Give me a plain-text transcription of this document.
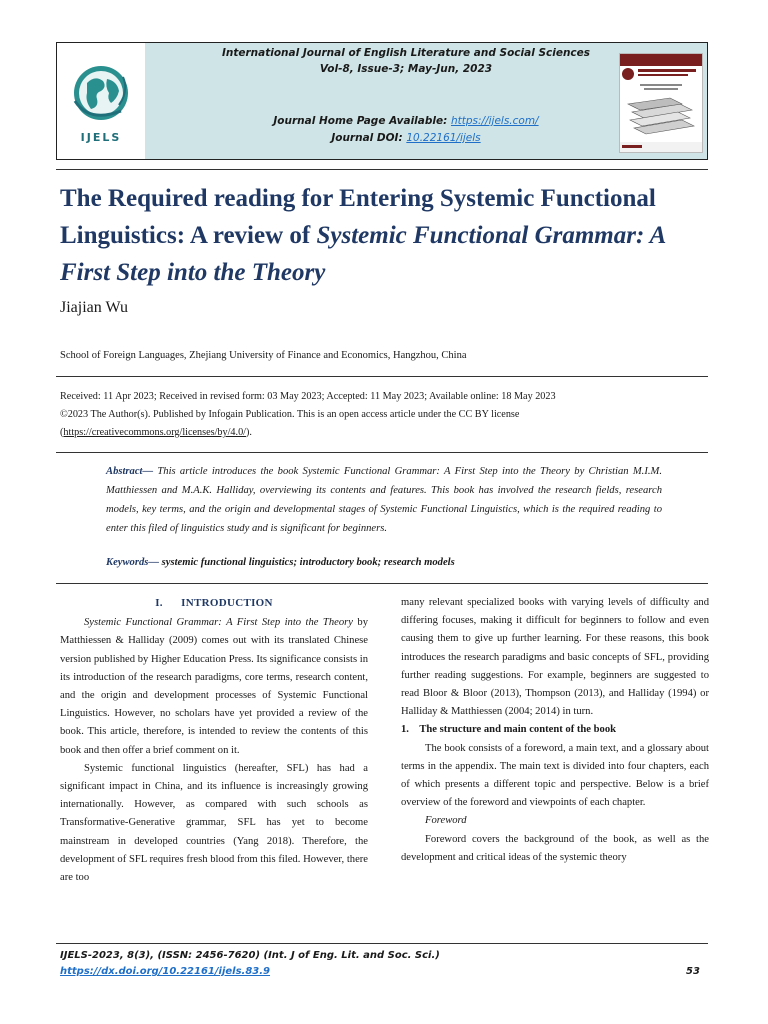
IJELS
International Journal of English Literature and Social Sciences
Vol-8, Issue-3; May-Jun, 2023
Journal Home Page Available: https://ijels.com/
Journal DOI: 10.22161/ijels
The Required reading for Entering Systemic Functional Linguistics: A review of Systemic Functional Grammar: A First Step into the Theory
Jiajian Wu
School of Foreign Languages, Zhejiang University of Finance and Economics, Hangzhou, China
Received: 11 Apr 2023; Received in revised form: 03 May 2023; Accepted: 11 May 2023; Available online: 18 May 2023
©2023 The Author(s). Published by Infogain Publication. This is an open access article under the CC BY license
(https://creativecommons.org/licenses/by/4.0/).
Abstract— This article introduces the book Systemic Functional Grammar: A First Step into the Theory by Christian M.I.M. Matthiessen and M.A.K. Halliday, overviewing its contents and features. This book has involved the research fields, research models, key terms, and the origin and developmental stages of Systemic Functional Linguistics, which is the required reading to enter this filed of linguistics study and is significant for beginners.
Keywords— systemic functional linguistics; introductory book; research models
I.      INTRODUCTION

Systemic Functional Grammar: A First Step into the Theory by Matthiessen & Halliday (2009) comes out with its translated Chinese version published by Higher Education Press. Its significance consists in its introduction of the research paradigms, core terms, research content, and the origin and development processes of Systemic Functional Linguistics. However, no scholars have yet provided a review of the book. This article, therefore, is intended to review the contents of this book and then offer a brief comment on it.

Systemic functional linguistics (hereafter, SFL) has had a significant impact in China, and its influence is increasingly growing internationally. However, as compared with such schools as Transformative-Generative grammar, SFL has yet to become mainstream in developed countries (Yang 2018). Therefore, the development of SFL requires fresh blood from this filed. However, there are too

many relevant specialized books with varying levels of difficulty and differing focuses, making it difficult for beginners to follow and even causing them to give up further learning. For these reasons, this book introduces the research paradigms and basic concepts of SFL, providing further reading suggestions. For example, beginners are suggested to read Bloor & Bloor (2013), Thompson (2013), and Halliday (1994) or Halliday & Matthiessen (2004; 2014) in turn.

1.    The structure and main content of the book

The book consists of a foreword, a main text, and a glossary about terms in the appendix. The main text is divided into four chapters, each of which presents a different topic and perspective. Below is a brief overview of the foreword and viewpoints of each chapter.

Foreword

Foreword covers the background of the book, as well as the development and critical ideas of the systemic theory

IJELS-2023, 8(3), (ISSN: 2456-7620) (Int. J of Eng. Lit. and Soc. Sci.)
https://dx.doi.org/10.22161/ijels.83.9	53
